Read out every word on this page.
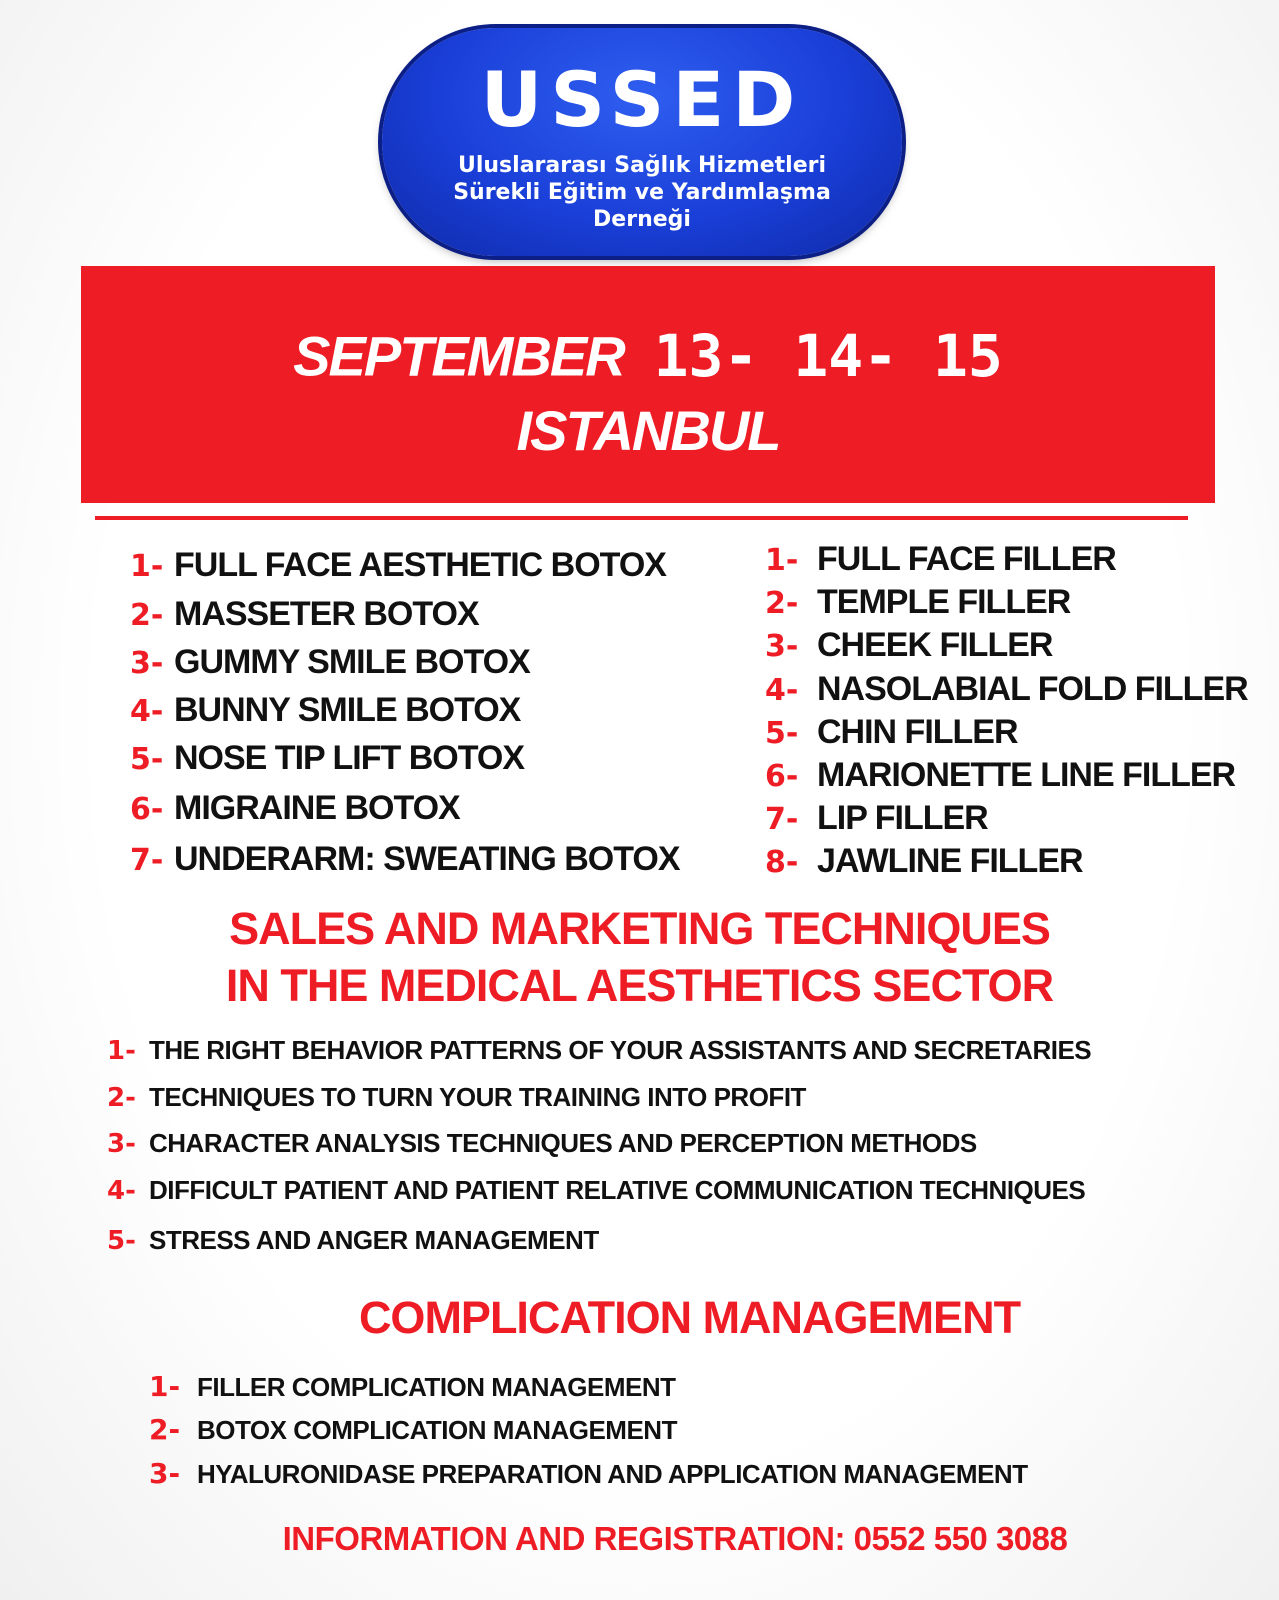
USSED
Uluslararası Sağlık Hizmetleri
Sürekli Eğitim ve Yardımlaşma
Derneği
SEPTEMBER 13- 14- 15
ISTANBUL
1- FULL FACE AESTHETIC BOTOX
2- MASSETER BOTOX
3- GUMMY SMILE BOTOX
4- BUNNY SMILE BOTOX
5- NOSE TIP LIFT BOTOX
6- MIGRAINE BOTOX
7- UNDERARM: SWEATING BOTOX
1- FULL FACE FILLER
2- TEMPLE FILLER
3- CHEEK FILLER
4- NASOLABIAL FOLD FILLER
5- CHIN FILLER
6- MARIONETTE LINE FILLER
7- LIP FILLER
8- JAWLINE FILLER
SALES AND MARKETING TECHNIQUES
IN THE MEDICAL AESTHETICS SECTOR
1- THE RIGHT BEHAVIOR PATTERNS OF YOUR ASSISTANTS AND SECRETARIES
2- TECHNIQUES TO TURN YOUR TRAINING INTO PROFIT
3- CHARACTER ANALYSIS TECHNIQUES AND PERCEPTION METHODS
4- DIFFICULT PATIENT AND PATIENT RELATIVE COMMUNICATION TECHNIQUES
5- STRESS AND ANGER MANAGEMENT
COMPLICATION MANAGEMENT
1- FILLER COMPLICATION MANAGEMENT
2- BOTOX COMPLICATION MANAGEMENT
3- HYALURONIDASE PREPARATION AND APPLICATION MANAGEMENT
INFORMATION AND REGISTRATION: 0552 550 3088
